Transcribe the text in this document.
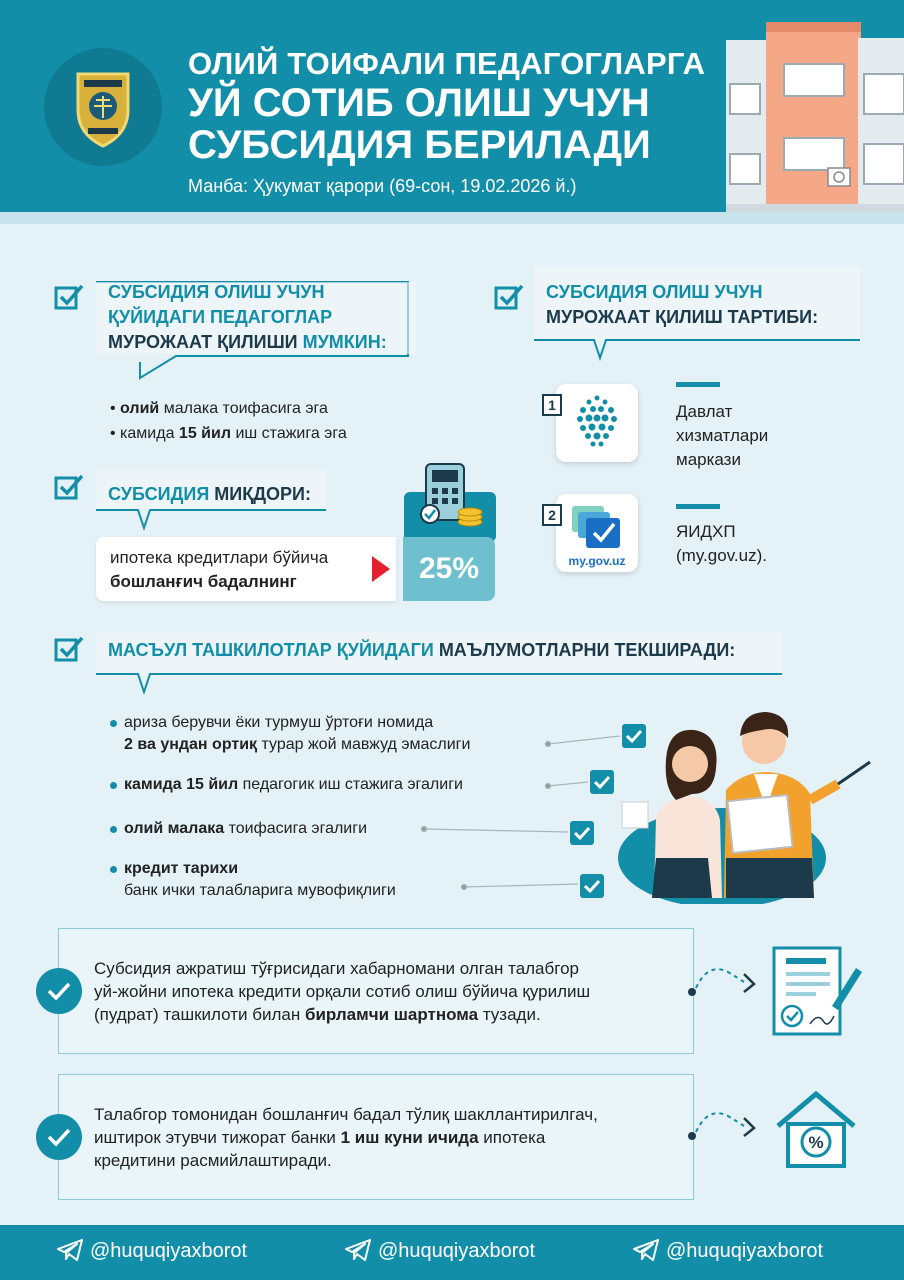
ОЛИЙ ТОИФАЛИ ПЕДАГОГЛАРГА
УЙ СОТИБ ОЛИШ УЧУН
СУБСИДИЯ БЕРИЛАДИ
Манба: Ҳукумат қарори (69-сон, 19.02.2026 й.)
СУБСИДИЯ ОЛИШ УЧУН
ҚУЙИДАГИ ПЕДАГОГЛАР
МУРОЖААТ ҚИЛИШИ МУМКИН:
• олий малака тоифасига эга
• камида 15 йил иш стажига эга
СУБСИДИЯ ОЛИШ УЧУН
МУРОЖААТ ҚИЛИШ ТАРТИБИ:
1	Давлат
хизматлари
маркази
my.gov.uz
2
ЯИДХП
(my.gov.uz).
СУБСИДИЯ МИҚДОРИ:
ипотека кредитлари бўйича
бошланғич бадалнинг	25%
МАСЪУЛ ТАШКИЛОТЛАР ҚУЙИДАГИ МАЪЛУМОТЛАРНИ ТЕКШИРАДИ:
ариза берувчи ёки турмуш ўртоғи номида
2 ва ундан ортиқ турар жой мавжуд эмаслиги
камида 15 йил педагогик иш стажига эгалиги
олий малака тоифасига эгалиги
кредит тарихи
банк ички талабларига мувофиқлиги
Субсидия ажратиш тўғрисидаги хабарномани олган талабгор
уй-жойни ипотека кредити орқали сотиб олиш бўйича қурилиш
(пудрат) ташкилоти билан бирламчи шартнома тузади.
Талабгор томонидан бошланғич бадал тўлиқ шакллантирилгач,
иштирок этувчи тижорат банки 1 иш куни ичида ипотека
кредитини расмийлаштиради.
%
@huquqiyaxborot	@huquqiyaxborot	@huquqiyaxborot
